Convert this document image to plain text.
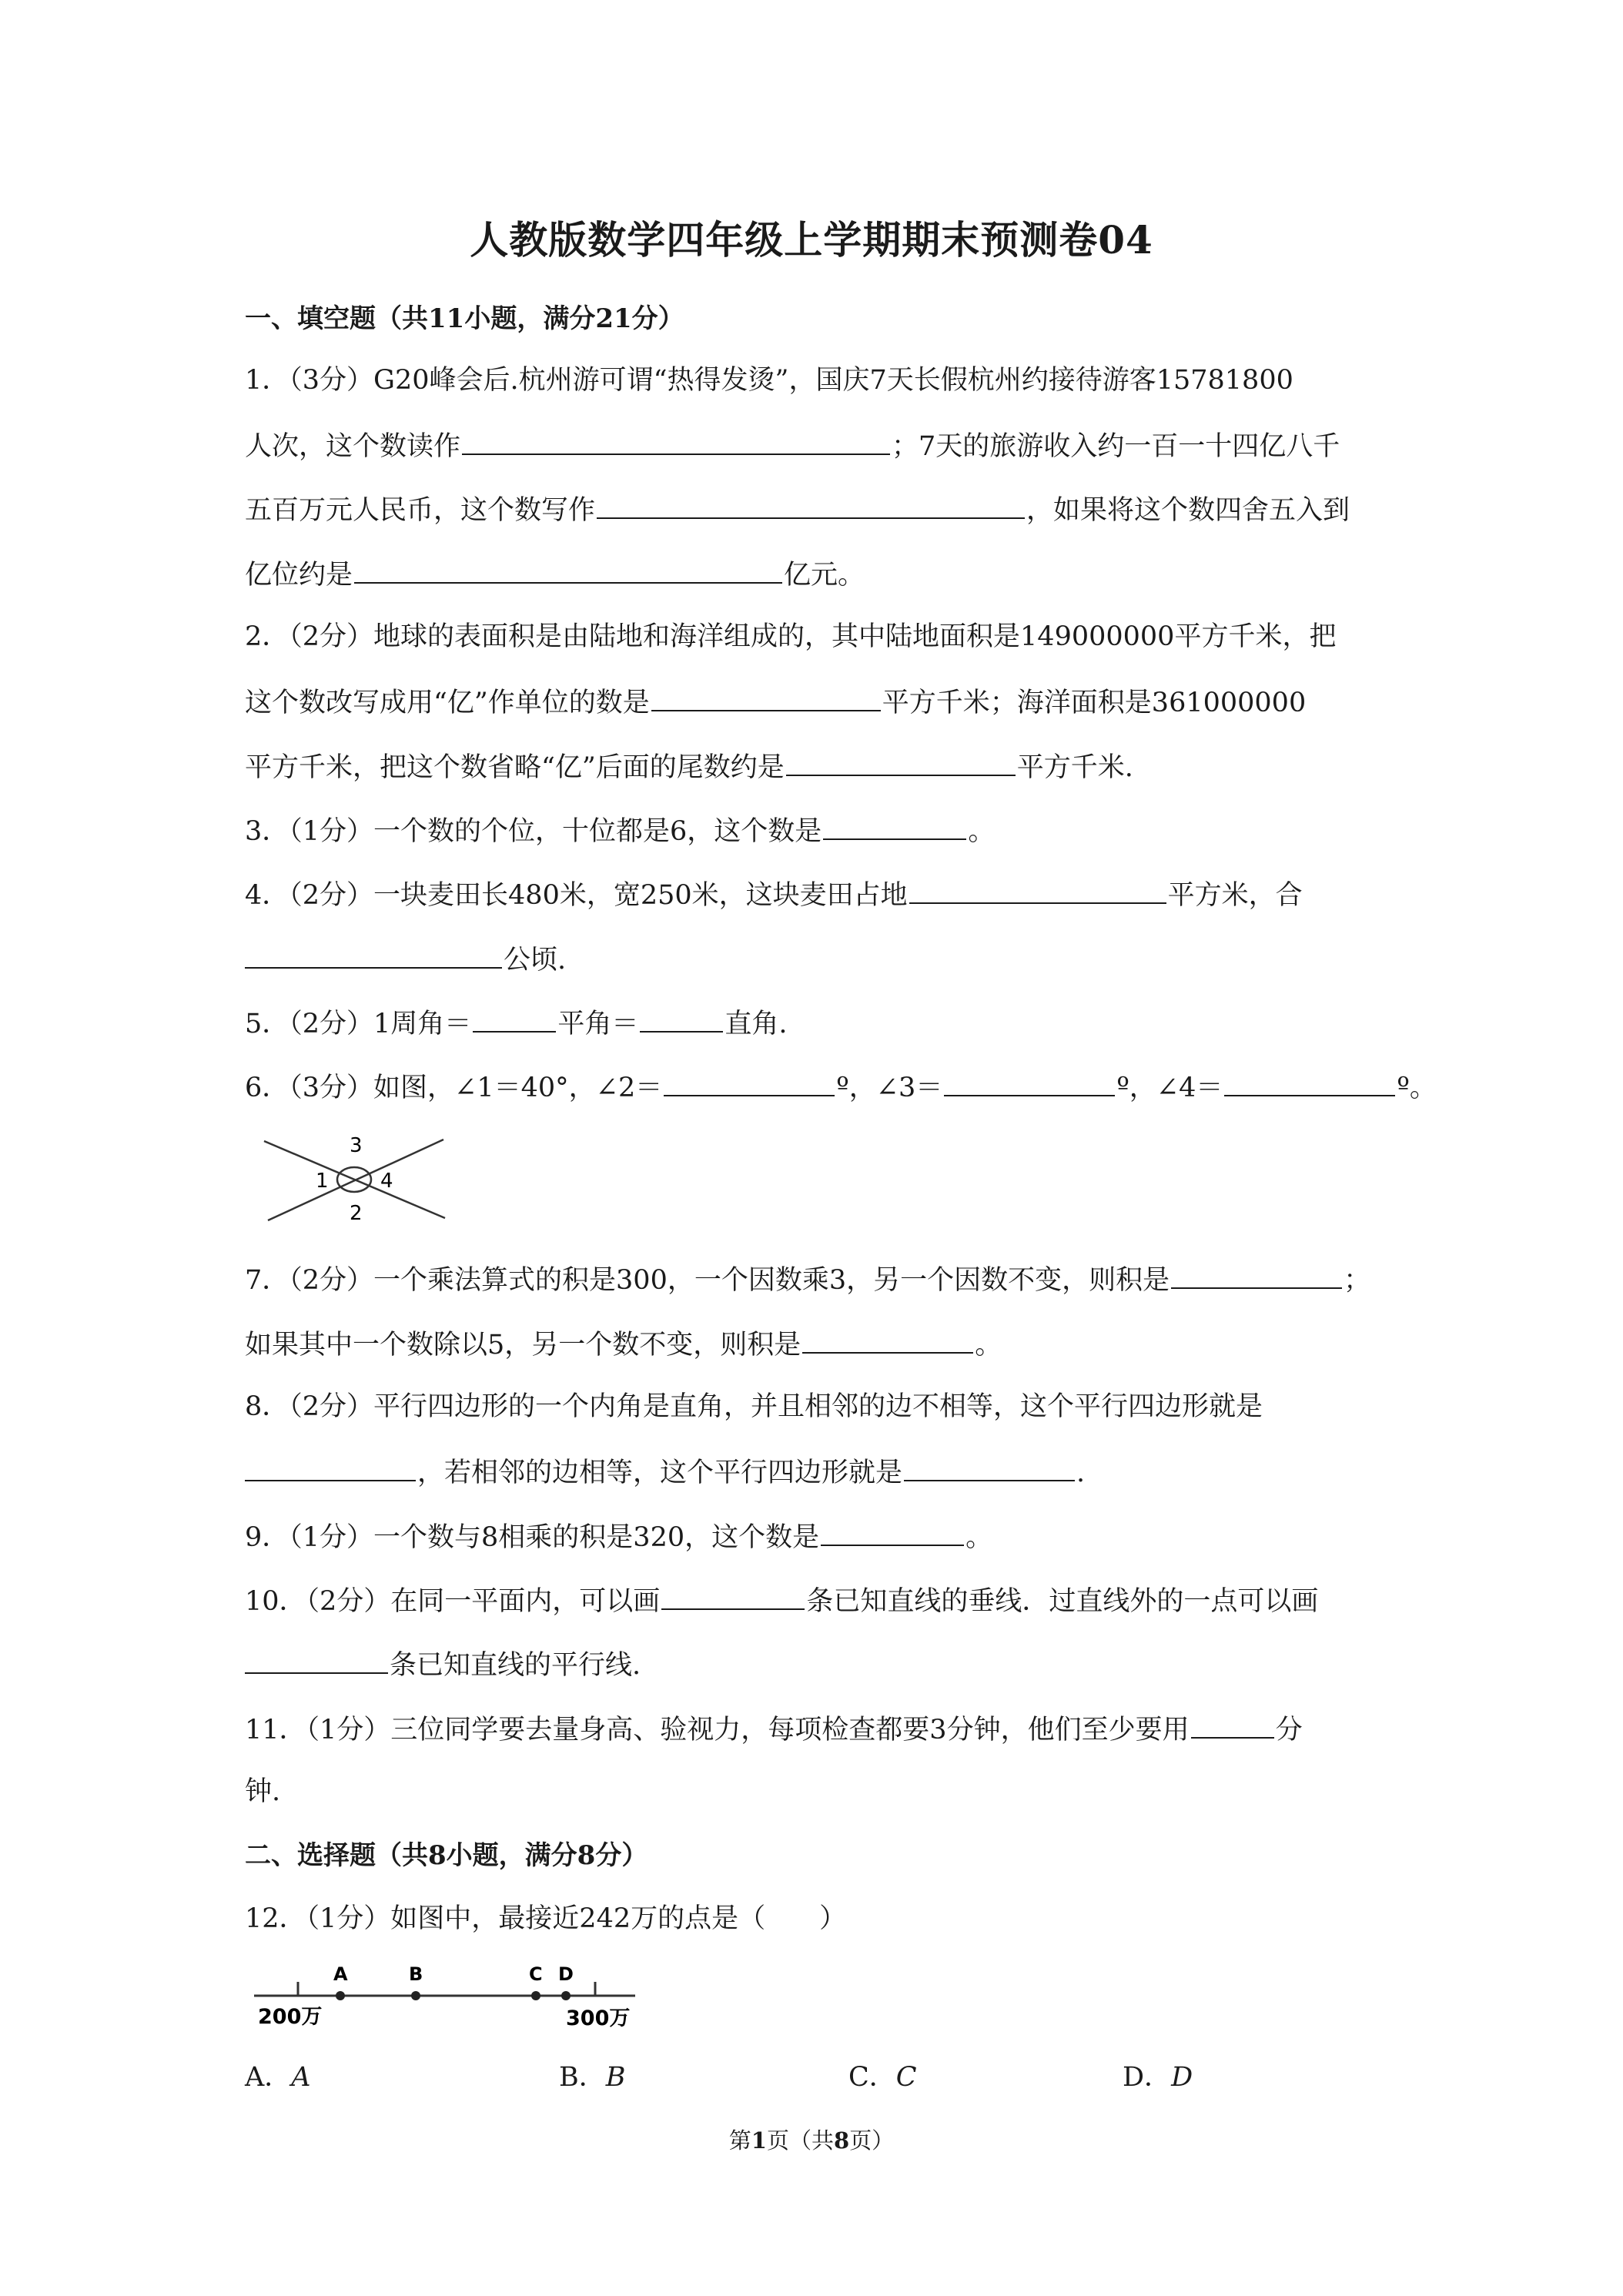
人教版数学四年级上学期期末预测卷04
一、填空题（共11小题，满分21分）
1．（3分）G20峰会后.杭州游可谓“热得发烫”，国庆7天长假杭州约接待游客15781800
人次，这个数读作	；7天的旅游收入约一百一十四亿八千
五百万元人民币，这个数写作	，如果将这个数四舍五入到
亿位约是	亿元。
2．（2分）地球的表面积是由陆地和海洋组成的，其中陆地面积是149000000平方千米，把
这个数改写成用“亿”作单位的数是	平方千米；海洋面积是361000000
平方千米，把这个数省略“亿”后面的尾数约是	平方千米.
3．（1分）一个数的个位，十位都是6，这个数是	。
4．（2分）一块麦田长480米，宽250米，这块麦田占地	平方米，合
公顷.
5．（2分）1周角＝	平角＝	直角.
6．（3分）如图，∠1＝40°，∠2＝	º，∠3＝	º，∠4＝	º。
3
1	4
2
7．（2分）一个乘法算式的积是300，一个因数乘3，另一个因数不变，则积是	；
如果其中一个数除以5，另一个数不变，则积是	。
8．（2分）平行四边形的一个内角是直角，并且相邻的边不相等，这个平行四边形就是
，若相邻的边相等，这个平行四边形就是	.
9．（1分）一个数与8相乘的积是320，这个数是	。
10．（2分）在同一平面内，可以画	条已知直线的垂线．过直线外的一点可以画
条已知直线的平行线.
11．（1分）三位同学要去量身高、验视力，每项检查都要3分钟，他们至少要用	分
钟.
二、选择题（共8小题，满分8分）
12．（1分）如图中，最接近242万的点是（　　）
A	B	C D
200万	300万
A．A	B．B	C．C	D．D
第1页（共8页）
